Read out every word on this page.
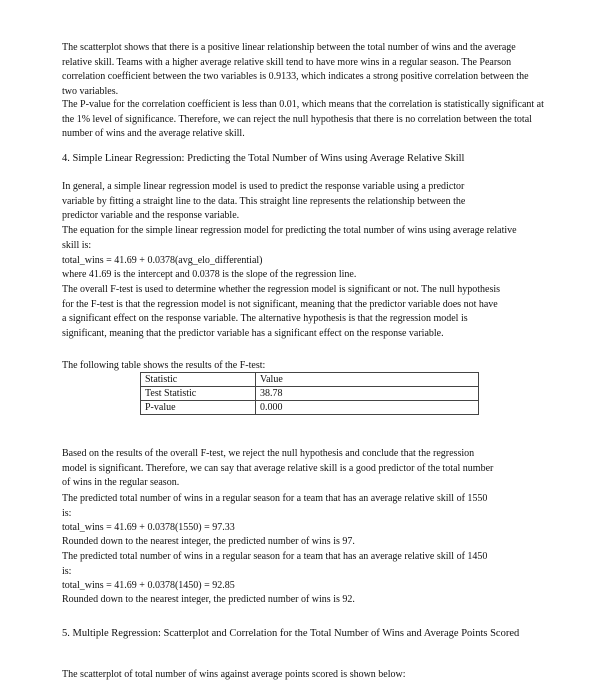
The scatterplot shows that there is a positive linear relationship between the total number of wins and the average relative skill. Teams with a higher average relative skill tend to have more wins in a regular season. The Pearson correlation coefficient between the two variables is 0.9133, which indicates a strong positive correlation between the two variables.

The P-value for the correlation coefficient is less than 0.01, which means that the correlation is statistically significant at the 1% level of significance. Therefore, we can reject the null hypothesis that there is no correlation between the total number of wins and the average relative skill.

4. Simple Linear Regression: Predicting the Total Number of Wins using Average Relative Skill

In general, a simple linear regression model is used to predict the response variable using a predictor variable by fitting a straight line to the data. This straight line represents the relationship between the predictor variable and the response variable.

The equation for the simple linear regression model for predicting the total number of wins using average relative skill is:

total_wins = 41.69 + 0.0378(avg_elo_differential)

where 41.69 is the intercept and 0.0378 is the slope of the regression line.

The overall F-test is used to determine whether the regression model is significant or not. The null hypothesis for the F-test is that the regression model is not significant, meaning that the predictor variable does not have a significant effect on the response variable. The alternative hypothesis is that the regression model is significant, meaning that the predictor variable has a significant effect on the response variable.

The following table shows the results of the F-test:

Statistic	Value
Test Statistic	38.78
P-value	0.000

Based on the results of the overall F-test, we reject the null hypothesis and conclude that the regression model is significant. Therefore, we can say that average relative skill is a good predictor of the total number of wins in the regular season.

The predicted total number of wins in a regular season for a team that has an average relative skill of 1550 is:

total_wins = 41.69 + 0.0378(1550) = 97.33

Rounded down to the nearest integer, the predicted number of wins is 97.

The predicted total number of wins in a regular season for a team that has an average relative skill of 1450 is:

total_wins = 41.69 + 0.0378(1450) = 92.85

Rounded down to the nearest integer, the predicted number of wins is 92.

5. Multiple Regression: Scatterplot and Correlation for the Total Number of Wins and Average Points Scored

The scatterplot of total number of wins against average points scored is shown below:
